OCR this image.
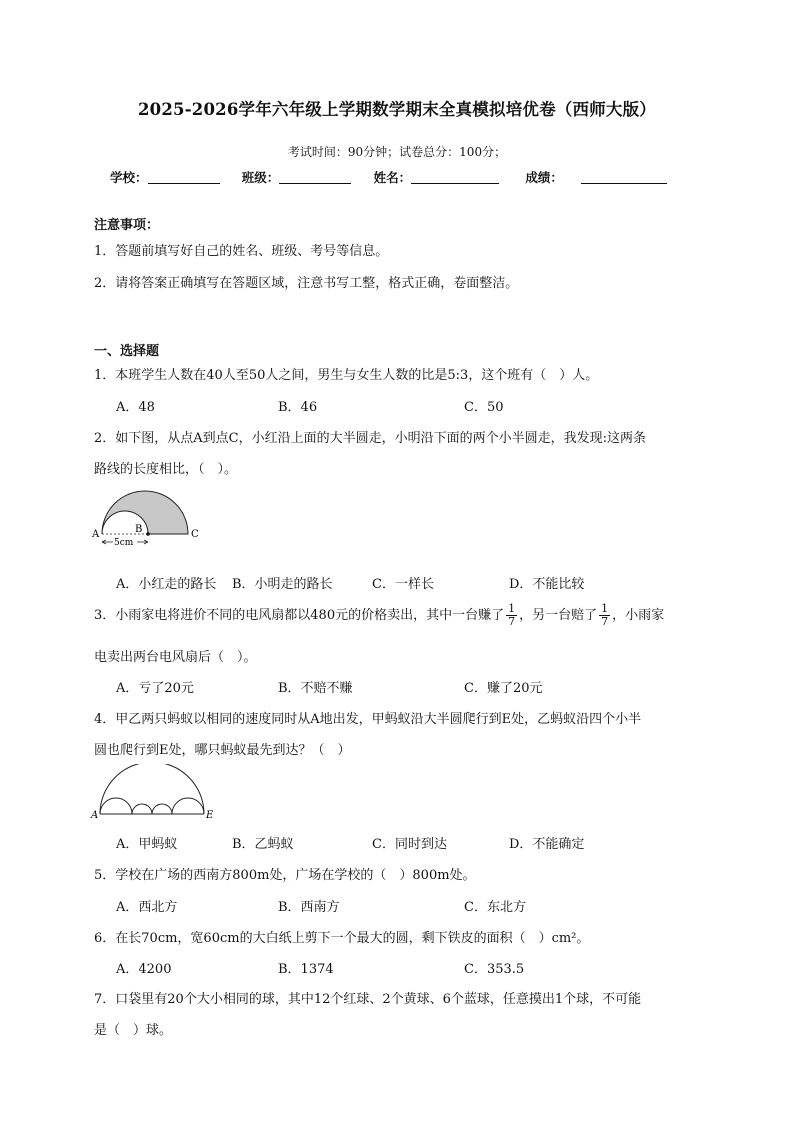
2025-2026学年六年级上学期数学期末全真模拟培优卷（西师大版）
考试时间：90分钟；试卷总分：100分；
学校：	班级：	姓名：	成绩：
注意事项：
1．答题前填写好自己的姓名、班级、考号等信息。
2．请将答案正确填写在答题区域，注意书写工整，格式正确，卷面整洁。
一、选择题
1．本班学生人数在40人至50人之间，男生与女生人数的比是5:3，这个班有（　）人。
A．48	B．46	C．50
2．如下图，从点A到点C，小红沿上面的大半圆走，小明沿下面的两个小半圆走，我发现:这两条
路线的长度相比，（　）。
A	B	C
5cm
A．小红走的路长 B．小明走的路长	C．一样长	D．不能比较
3．小雨家电将进价不同的电风扇都以480元的价格卖出，其中一台赚了 $\frac{1}{7}$ ，另一台赔了 $\frac{1}{7}$ ，小雨家
电卖出两台电风扇后（　）。
A．亏了20元	B．不赔不赚	C．赚了20元
4．甲乙两只蚂蚁以相同的速度同时从A地出发，甲蚂蚁沿大半圆爬行到E处，乙蚂蚁沿四个小半
圆也爬行到E处，哪只蚂蚁最先到达？（　）
A	E
A．甲蚂蚁	B．乙蚂蚁	C．同时到达	D．不能确定
5．学校在广场的西南方800m处，广场在学校的（　）800m处。
A．西北方	B．西南方	C．东北方
6．在长70cm，宽60cm的大白纸上剪下一个最大的圆，剩下铁皮的面积（　）cm²。
A．4200	B．1374	C．353.5
7．口袋里有20个大小相同的球，其中12个红球、2个黄球、6个蓝球，任意摸出1个球，不可能
是（　）球。
